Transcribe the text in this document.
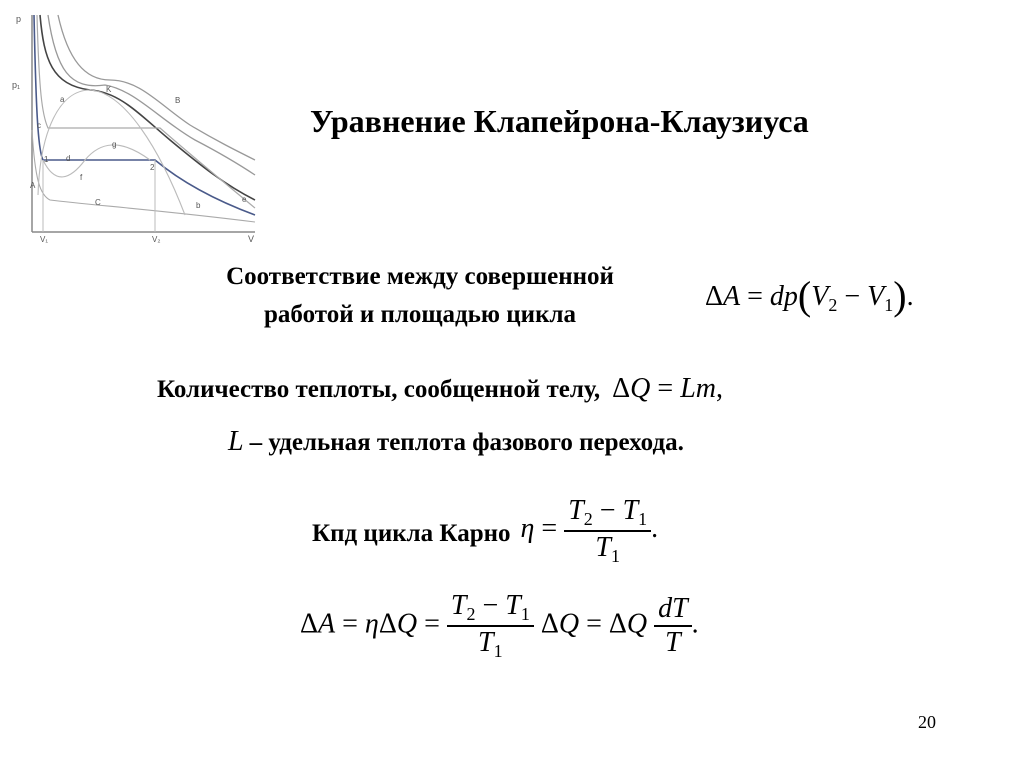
p
V
p₁
V₁	V₂
K
B
a
c
1 d
g
2
f
A
C	b
e
Уравнение Клапейрона-Клаузиуса
Соответствие между совершенной
работой и площадью цикла
$\Delta A = dp(V_2 - V_1)$.
Количество теплоты, сообщенной телу, ΔQ = Lm,
L – удельная теплота фазового перехода.
Кпд цикла Карно $\eta = \frac{T_2 - T_1}{T_1}$ .
$\Delta A = \eta\Delta Q = \frac{T_2 - T_1}{T_1}$ ΔQ = ΔQ $\frac{dT}{T}$ .
20
